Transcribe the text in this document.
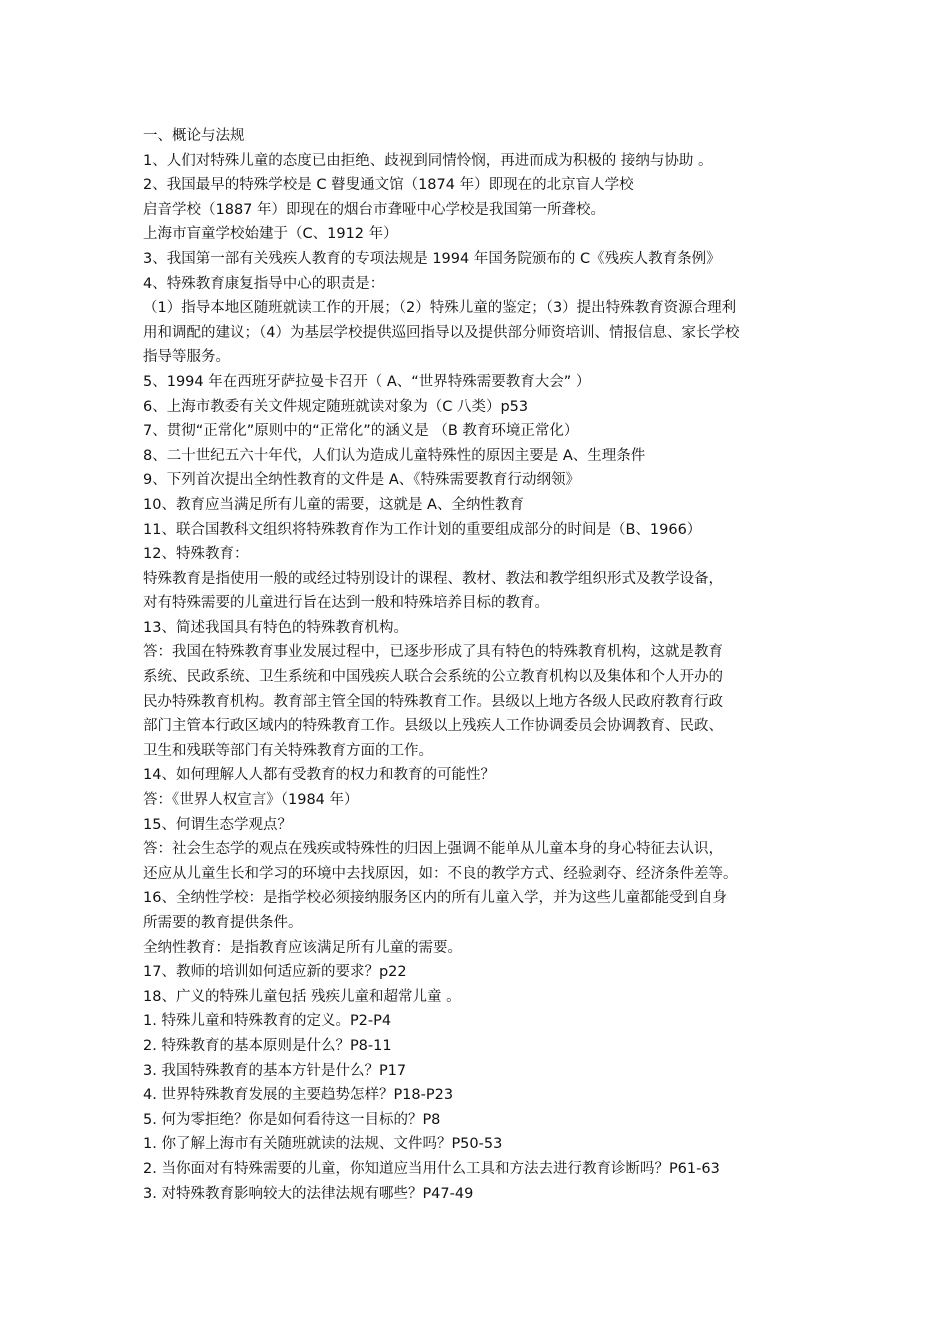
一、概论与法规
1、人们对特殊儿童的态度已由拒绝、歧视到同情怜悯，再进而成为积极的 接纳与协助 。
2、我国最早的特殊学校是 C 瞽叟通文馆（1874 年）即现在的北京盲人学校
启音学校（1887 年）即现在的烟台市聋哑中心学校是我国第一所聋校。
上海市盲童学校始建于（C、1912 年）
3、我国第一部有关残疾人教育的专项法规是 1994 年国务院颁布的 C《残疾人教育条例》
4、特殊教育康复指导中心的职责是：
（1）指导本地区随班就读工作的开展；（2）特殊儿童的鉴定；（3）提出特殊教育资源合理利
用和调配的建议；（4）为基层学校提供巡回指导以及提供部分师资培训、情报信息、家长学校
指导等服务。
5、1994 年在西班牙萨拉曼卡召开（ A、“世界特殊需要教育大会” ）
6、上海市教委有关文件规定随班就读对象为（C 八类）p53
7、贯彻“正常化”原则中的“正常化”的涵义是 （B 教育环境正常化）
8、二十世纪五六十年代，人们认为造成儿童特殊性的原因主要是 A、生理条件
9、下列首次提出全纳性教育的文件是 A、《特殊需要教育行动纲领》
10、教育应当满足所有儿童的需要，这就是 A、全纳性教育
11、联合国教科文组织将特殊教育作为工作计划的重要组成部分的时间是（B、1966）
12、特殊教育：
特殊教育是指使用一般的或经过特别设计的课程、教材、教法和教学组织形式及教学设备，
对有特殊需要的儿童进行旨在达到一般和特殊培养目标的教育。
13、简述我国具有特色的特殊教育机构。
答：我国在特殊教育事业发展过程中，已逐步形成了具有特色的特殊教育机构，这就是教育
系统、民政系统、卫生系统和中国残疾人联合会系统的公立教育机构以及集体和个人开办的
民办特殊教育机构。教育部主管全国的特殊教育工作。县级以上地方各级人民政府教育行政
部门主管本行政区域内的特殊教育工作。县级以上残疾人工作协调委员会协调教育、民政、
卫生和残联等部门有关特殊教育方面的工作。
14、如何理解人人都有受教育的权力和教育的可能性？
答：《世界人权宣言》（1984 年）
15、何谓生态学观点？
答：社会生态学的观点在残疾或特殊性的归因上强调不能单从儿童本身的身心特征去认识，
还应从儿童生长和学习的环境中去找原因，如：不良的教学方式、经验剥夺、经济条件差等。
16、全纳性学校：是指学校必须接纳服务区内的所有儿童入学，并为这些儿童都能受到自身
所需要的教育提供条件。
全纳性教育：是指教育应该满足所有儿童的需要。
17、教师的培训如何适应新的要求？p22
18、广义的特殊儿童包括 残疾儿童和超常儿童 。
1. 特殊儿童和特殊教育的定义。P2-P4
2. 特殊教育的基本原则是什么？P8-11
3. 我国特殊教育的基本方针是什么？P17
4. 世界特殊教育发展的主要趋势怎样？P18-P23
5. 何为零拒绝？你是如何看待这一目标的？P8
1. 你了解上海市有关随班就读的法规、文件吗？P50-53
2. 当你面对有特殊需要的儿童，你知道应当用什么工具和方法去进行教育诊断吗？P61-63
3. 对特殊教育影响较大的法律法规有哪些？P47-49
